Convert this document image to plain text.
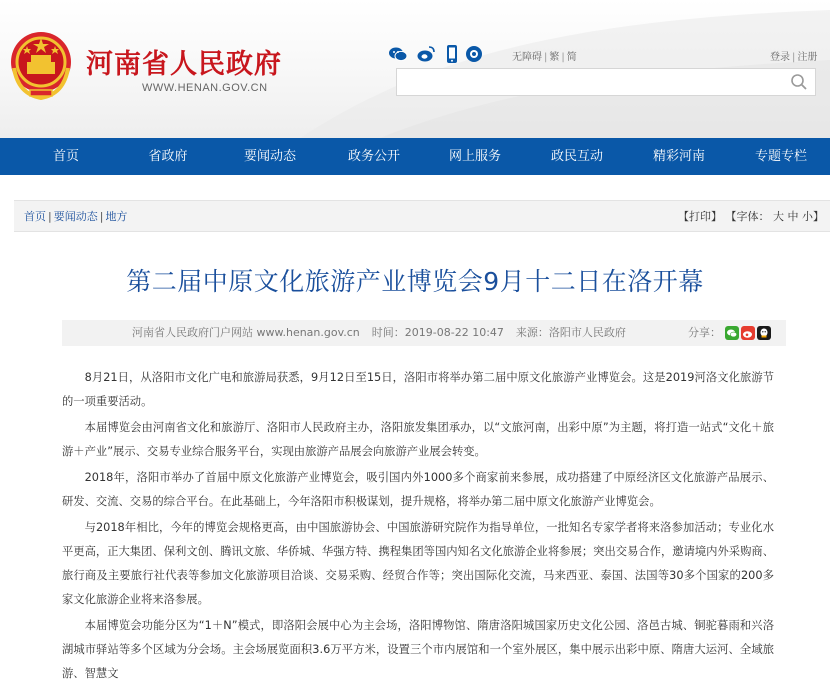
河南省人民政府
WWW.HENAN.GOV.CN
无障碍 | 繁 | 简	登录 | 注册
首页	省政府	要闻动态	政务公开	网上服务	政民互动	精彩河南	专题专栏
首页 | 要闻动态 | 地方	【打印】 【字体： 大 中 小】
第二届中原文化旅游产业博览会9月十二日在洛开幕
河南省人民政府门户网站 www.henan.gov.cn 时间：2019-08-22 10:47 来源：洛阳市人民政府	分享：

8月21日，从洛阳市文化广电和旅游局获悉，9月12日至15日，洛阳市将举办第二届中原文化旅游产业博览会。这是2019河洛文化旅游节的一项重要活动。

本届博览会由河南省文化和旅游厅、洛阳市人民政府主办，洛阳旅发集团承办，以“文旅河南，出彩中原”为主题，将打造一站式“文化＋旅游＋产业”展示、交易专业综合服务平台，实现由旅游产品展会向旅游产业展会转变。

2018年，洛阳市举办了首届中原文化旅游产业博览会，吸引国内外1000多个商家前来参展，成功搭建了中原经济区文化旅游产品展示、研发、交流、交易的综合平台。在此基础上，今年洛阳市积极谋划，提升规格，将举办第二届中原文化旅游产业博览会。

与2018年相比，今年的博览会规格更高，由中国旅游协会、中国旅游研究院作为指导单位，一批知名专家学者将来洛参加活动；专业化水平更高，正大集团、保利文创、腾讯文旅、华侨城、华强方特、携程集团等国内知名文化旅游企业将参展；突出交易合作，邀请境内外采购商、旅行商及主要旅行社代表等参加文化旅游项目洽谈、交易采购、经贸合作等；突出国际化交流，马来西亚、泰国、法国等30多个国家的200多家文化旅游企业将来洛参展。

本届博览会功能分区为“1＋N”模式，即洛阳会展中心为主会场，洛阳博物馆、隋唐洛阳城国家历史文化公园、洛邑古城、铜驼暮雨和兴洛湖城市驿站等多个区域为分会场。主会场展览面积3.6万平方米，设置三个市内展馆和一个室外展区，集中展示出彩中原、隋唐大运河、全域旅游、智慧文
